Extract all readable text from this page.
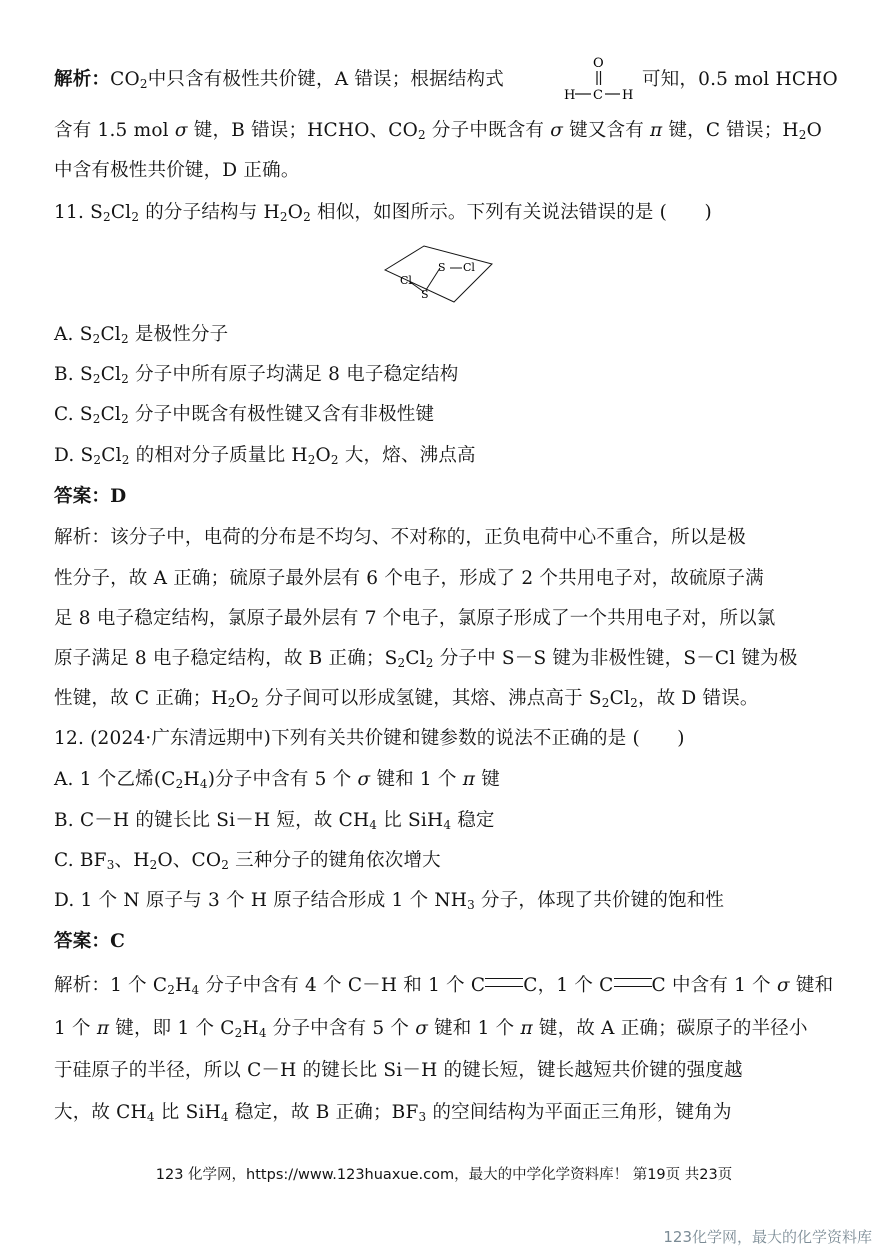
解析：$CO_2$中只含有极性共价键，A 错误；根据结构式
O
H C H
可知，0.5 mol HCHO
含有 1.5 mol σ 键，B 错误；HCHO、$CO_2$ 分子中既含有 σ 键又含有 π 键，C 错误；$H_2O$
中含有极性共价键，D 正确。
11. $S_2Cl_2$ 的分子结构与 $H_2O_2$ 相似，如图所示。下列有关说法错误的是 (　　)
Cl
S Cl
S
A. $S_2Cl_2$ 是极性分子
B. $S_2Cl_2$ 分子中所有原子均满足 8 电子稳定结构
C. $S_2Cl_2$ 分子中既含有极性键又含有非极性键
D. $S_2Cl_2$ 的相对分子质量比 $H_2O_2$ 大，熔、沸点高
答案：D
解析：该分子中，电荷的分布是不均匀、不对称的，正负电荷中心不重合，所以是极
性分子，故 A 正确；硫原子最外层有 6 个电子，形成了 2 个共用电子对，故硫原子满
足 8 电子稳定结构，氯原子最外层有 7 个电子，氯原子形成了一个共用电子对，所以氯
原子满足 8 电子稳定结构，故 B 正确；$S_2Cl_2$ 分子中 S－S 键为非极性键，S－Cl 键为极
性键，故 C 正确；$H_2O_2$ 分子间可以形成氢键，其熔、沸点高于 $S_2Cl_2$，故 D 错误。
12. (2024·广东清远期中)下列有关共价键和键参数的说法不正确的是 (　　)
A. 1 个乙烯$(C_2H_4)$分子中含有 5 个 σ 键和 1 个 π 键
B. C－H 的键长比 Si－H 短，故 $CH_4$ 比 SiH$_4$ 稳定
C. $BF_3$、$H_2O$、$CO_2$ 三种分子的键角依次增大
D. 1 个 N 原子与 3 个 H 原子结合形成 1 个 $NH_3$ 分子，体现了共价键的饱和性
答案：C
解析：1 个 $C_2H_4$ 分子中含有 4 个 C－H 和 1 个 C C，1 个 C C 中含有 1 个 σ 键和
1 个 π 键，即 1 个 $C_2H_4$ 分子中含有 5 个 σ 键和 1 个 π 键，故 A 正确；碳原子的半径小
于硅原子的半径，所以 C－H 的键长比 Si－H 的键长短，键长越短共价键的强度越
大，故 $CH_4$ 比 SiH$_4$ 稳定，故 B 正确；$BF_3$ 的空间结构为平面正三角形，键角为
123 化学网，https://www.123huaxue.com，最大的中学化学资料库！ 第19页 共23页
123化学网，最大的化学资料库
